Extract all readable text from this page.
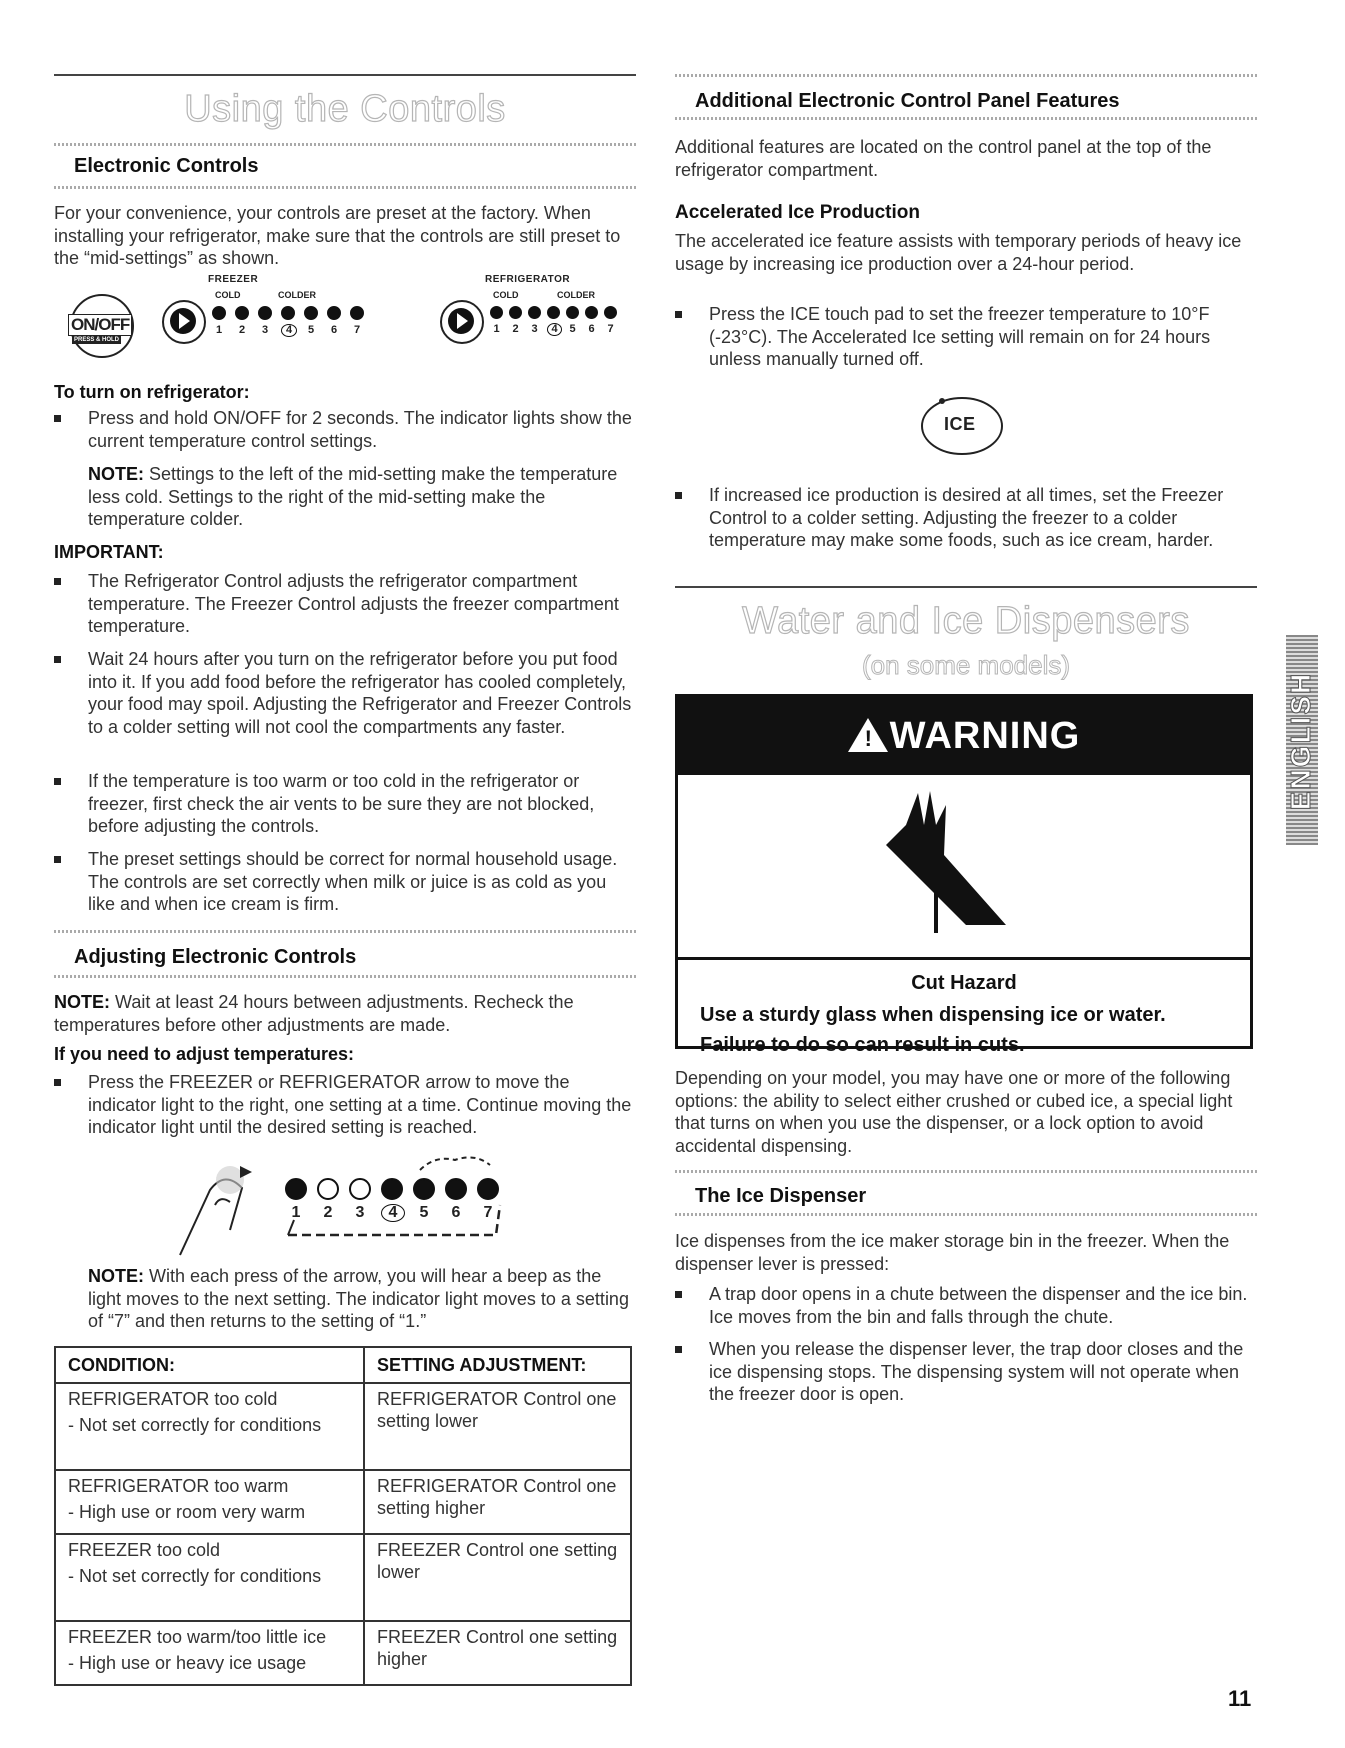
Using the Controls
Electronic Controls

For your convenience, your controls are preset at the factory. When installing your refrigerator, make sure that the controls are still preset to the “mid-settings” as shown.

FREEZER	REFRIGERATOR
ON/OFF
PRESS & HOLD
COLD	COLDER
1	2	3	4	5	6	7
COLD	COLDER
1	2	3	4	5	6	7
To turn on refrigerator:
Press and hold ON/OFF for 2 seconds. The indicator lights show the current temperature control settings.

NOTE: Settings to the left of the mid-setting make the temperature less cold. Settings to the right of the mid-setting make the temperature colder.

IMPORTANT:
The Refrigerator Control adjusts the refrigerator compartment temperature. The Freezer Control adjusts the freezer compartment temperature.
Wait 24 hours after you turn on the refrigerator before you put food into it. If you add food before the refrigerator has cooled completely, your food may spoil. Adjusting the Refrigerator and Freezer Controls to a colder setting will not cool the compartments any faster.
If the temperature is too warm or too cold in the refrigerator or freezer, first check the air vents to be sure they are not blocked, before adjusting the controls.
The preset settings should be correct for normal household usage. The controls are set correctly when milk or juice is as cold as you like and when ice cream is firm.
Adjusting Electronic Controls

NOTE: Wait at least 24 hours between adjustments. Recheck the temperatures before other adjustments are made.

If you need to adjust temperatures:
Press the FREEZER or REFRIGERATOR arrow to move the indicator light to the right, one setting at a time. Continue moving the indicator light until the desired setting is reached.
1	2	3	4	5	6	7

NOTE: With each press of the arrow, you will hear a beep as the light moves to the next setting. The indicator light moves to a setting of “7” and then returns to the setting of “1.”

CONDITION:	SETTING ADJUSTMENT:

REFRIGERATOR too cold
- Not set correctly for conditions	REFRIGERATOR Control one setting lower

REFRIGERATOR too warm
- High use or room very warm	REFRIGERATOR Control one setting higher

FREEZER too cold
- Not set correctly for conditions	FREEZER Control one setting lower

FREEZER too warm/too little ice
- High use or heavy ice usage	FREEZER Control one setting higher
Additional Electronic Control Panel Features

Additional features are located on the control panel at the top of the refrigerator compartment.

Accelerated Ice Production

The accelerated ice feature assists with temporary periods of heavy ice usage by increasing ice production over a 24-hour period.

Press the ICE touch pad to set the freezer temperature to 10°F (-23°C). The Accelerated Ice setting will remain on for 24 hours unless manually turned off.
ICE
If increased ice production is desired at all times, set the Freezer Control to a colder setting. Adjusting the freezer to a colder temperature may make some foods, such as ice cream, harder.
Water and Ice Dispensers
(on some models)
! WARNING
Cut Hazard
Use a sturdy glass when dispensing ice or water.
Failure to do so can result in cuts.

Depending on your model, you may have one or more of the following options: the ability to select either crushed or cubed ice, a special light that turns on when you use the dispenser, or a lock option to avoid accidental dispensing.

The Ice Dispenser

Ice dispenses from the ice maker storage bin in the freezer. When the dispenser lever is pressed:

A trap door opens in a chute between the dispenser and the ice bin. Ice moves from the bin and falls through the chute.
When you release the dispenser lever, the trap door closes and the ice dispensing stops. The dispensing system will not operate when the freezer door is open.
ENGLISH
11
